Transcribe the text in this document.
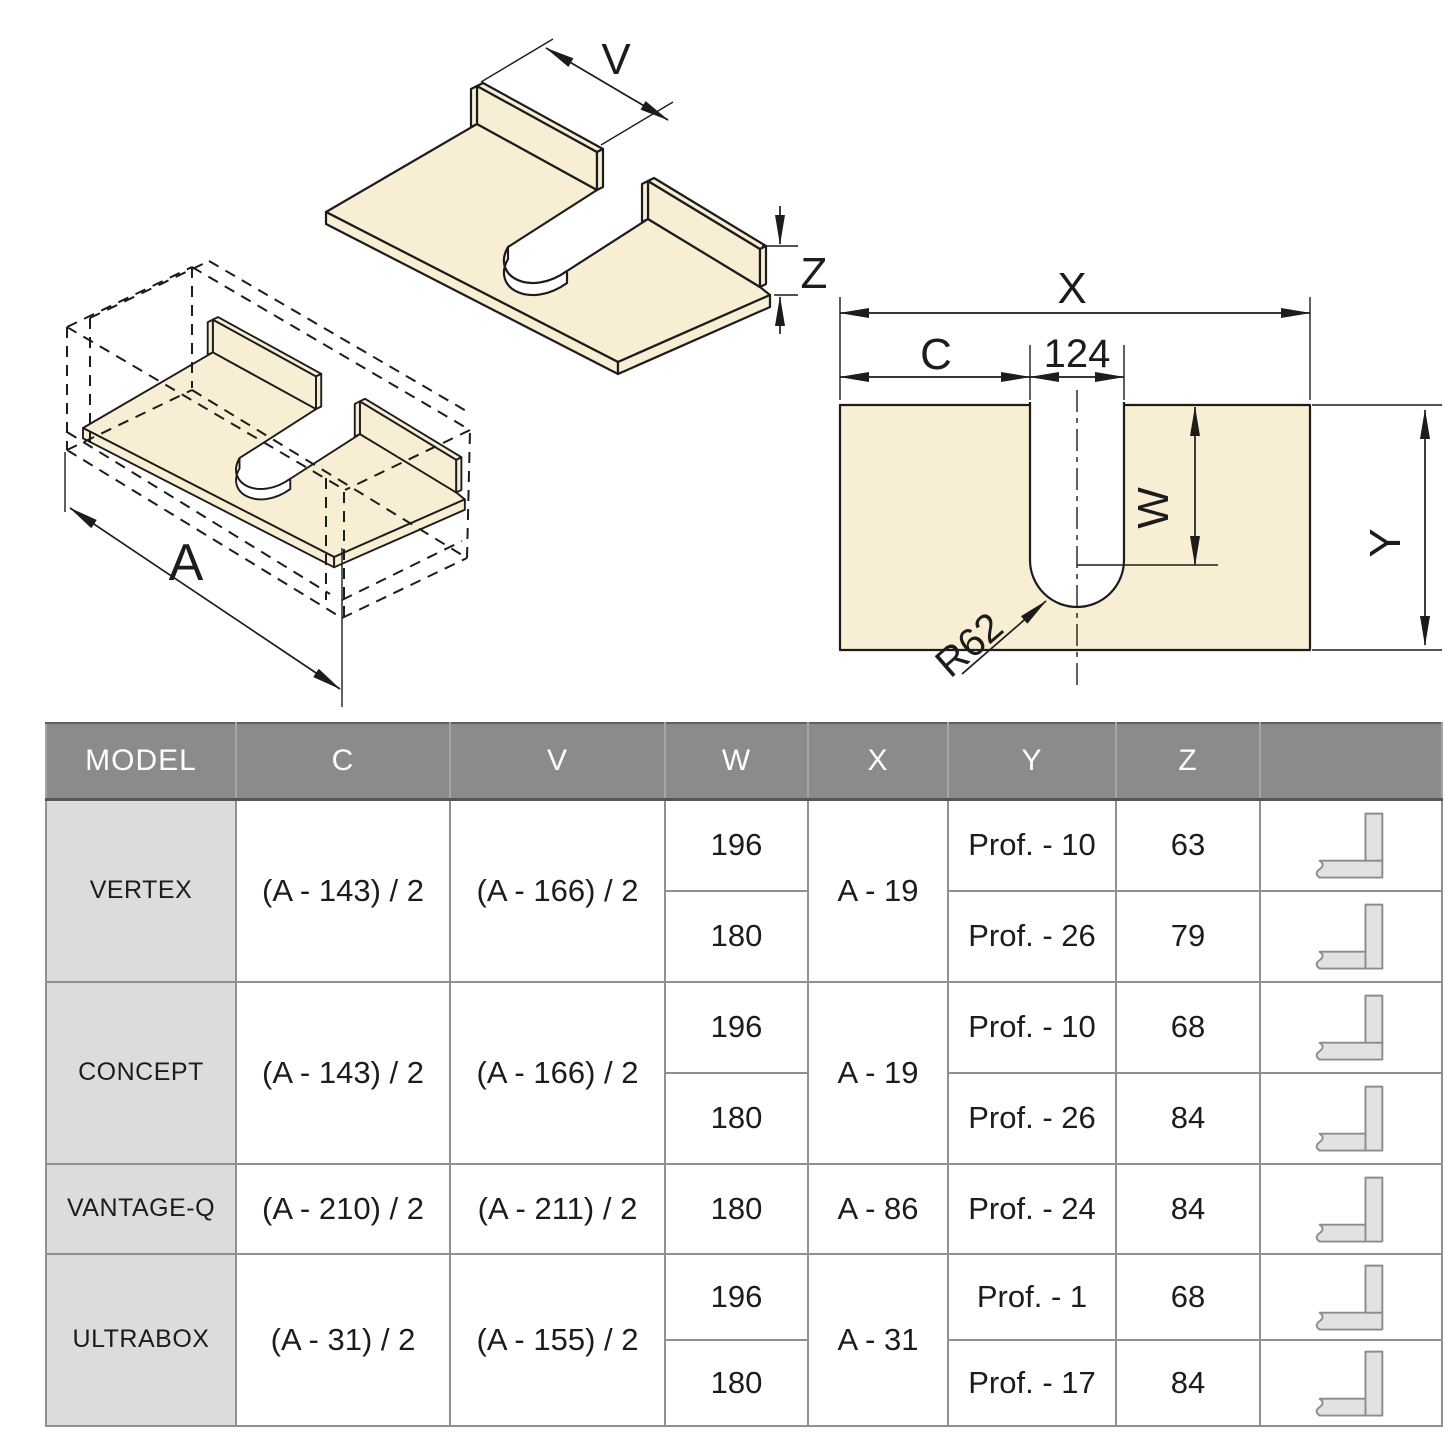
A
V
Z	X
C 124
W
Y
R62
MODEL	C	V	W	X	Y	Z	
VERTEX	(A - 143) / 2	(A - 166) / 2	196	A - 19	Prof. - 10	63	

			180		Prof. - 26	79	

CONCEPT	(A - 143) / 2	(A - 166) / 2	196	A - 19	Prof. - 10	68	

			180		Prof. - 26	84	

VANTAGE-Q	(A - 210) / 2	(A - 211) / 2	180	A - 86	Prof. - 24	84	

ULTRABOX	(A - 31) / 2	(A - 155) / 2	196	A - 31	Prof. - 1	68	

			180		Prof. - 17	84	
